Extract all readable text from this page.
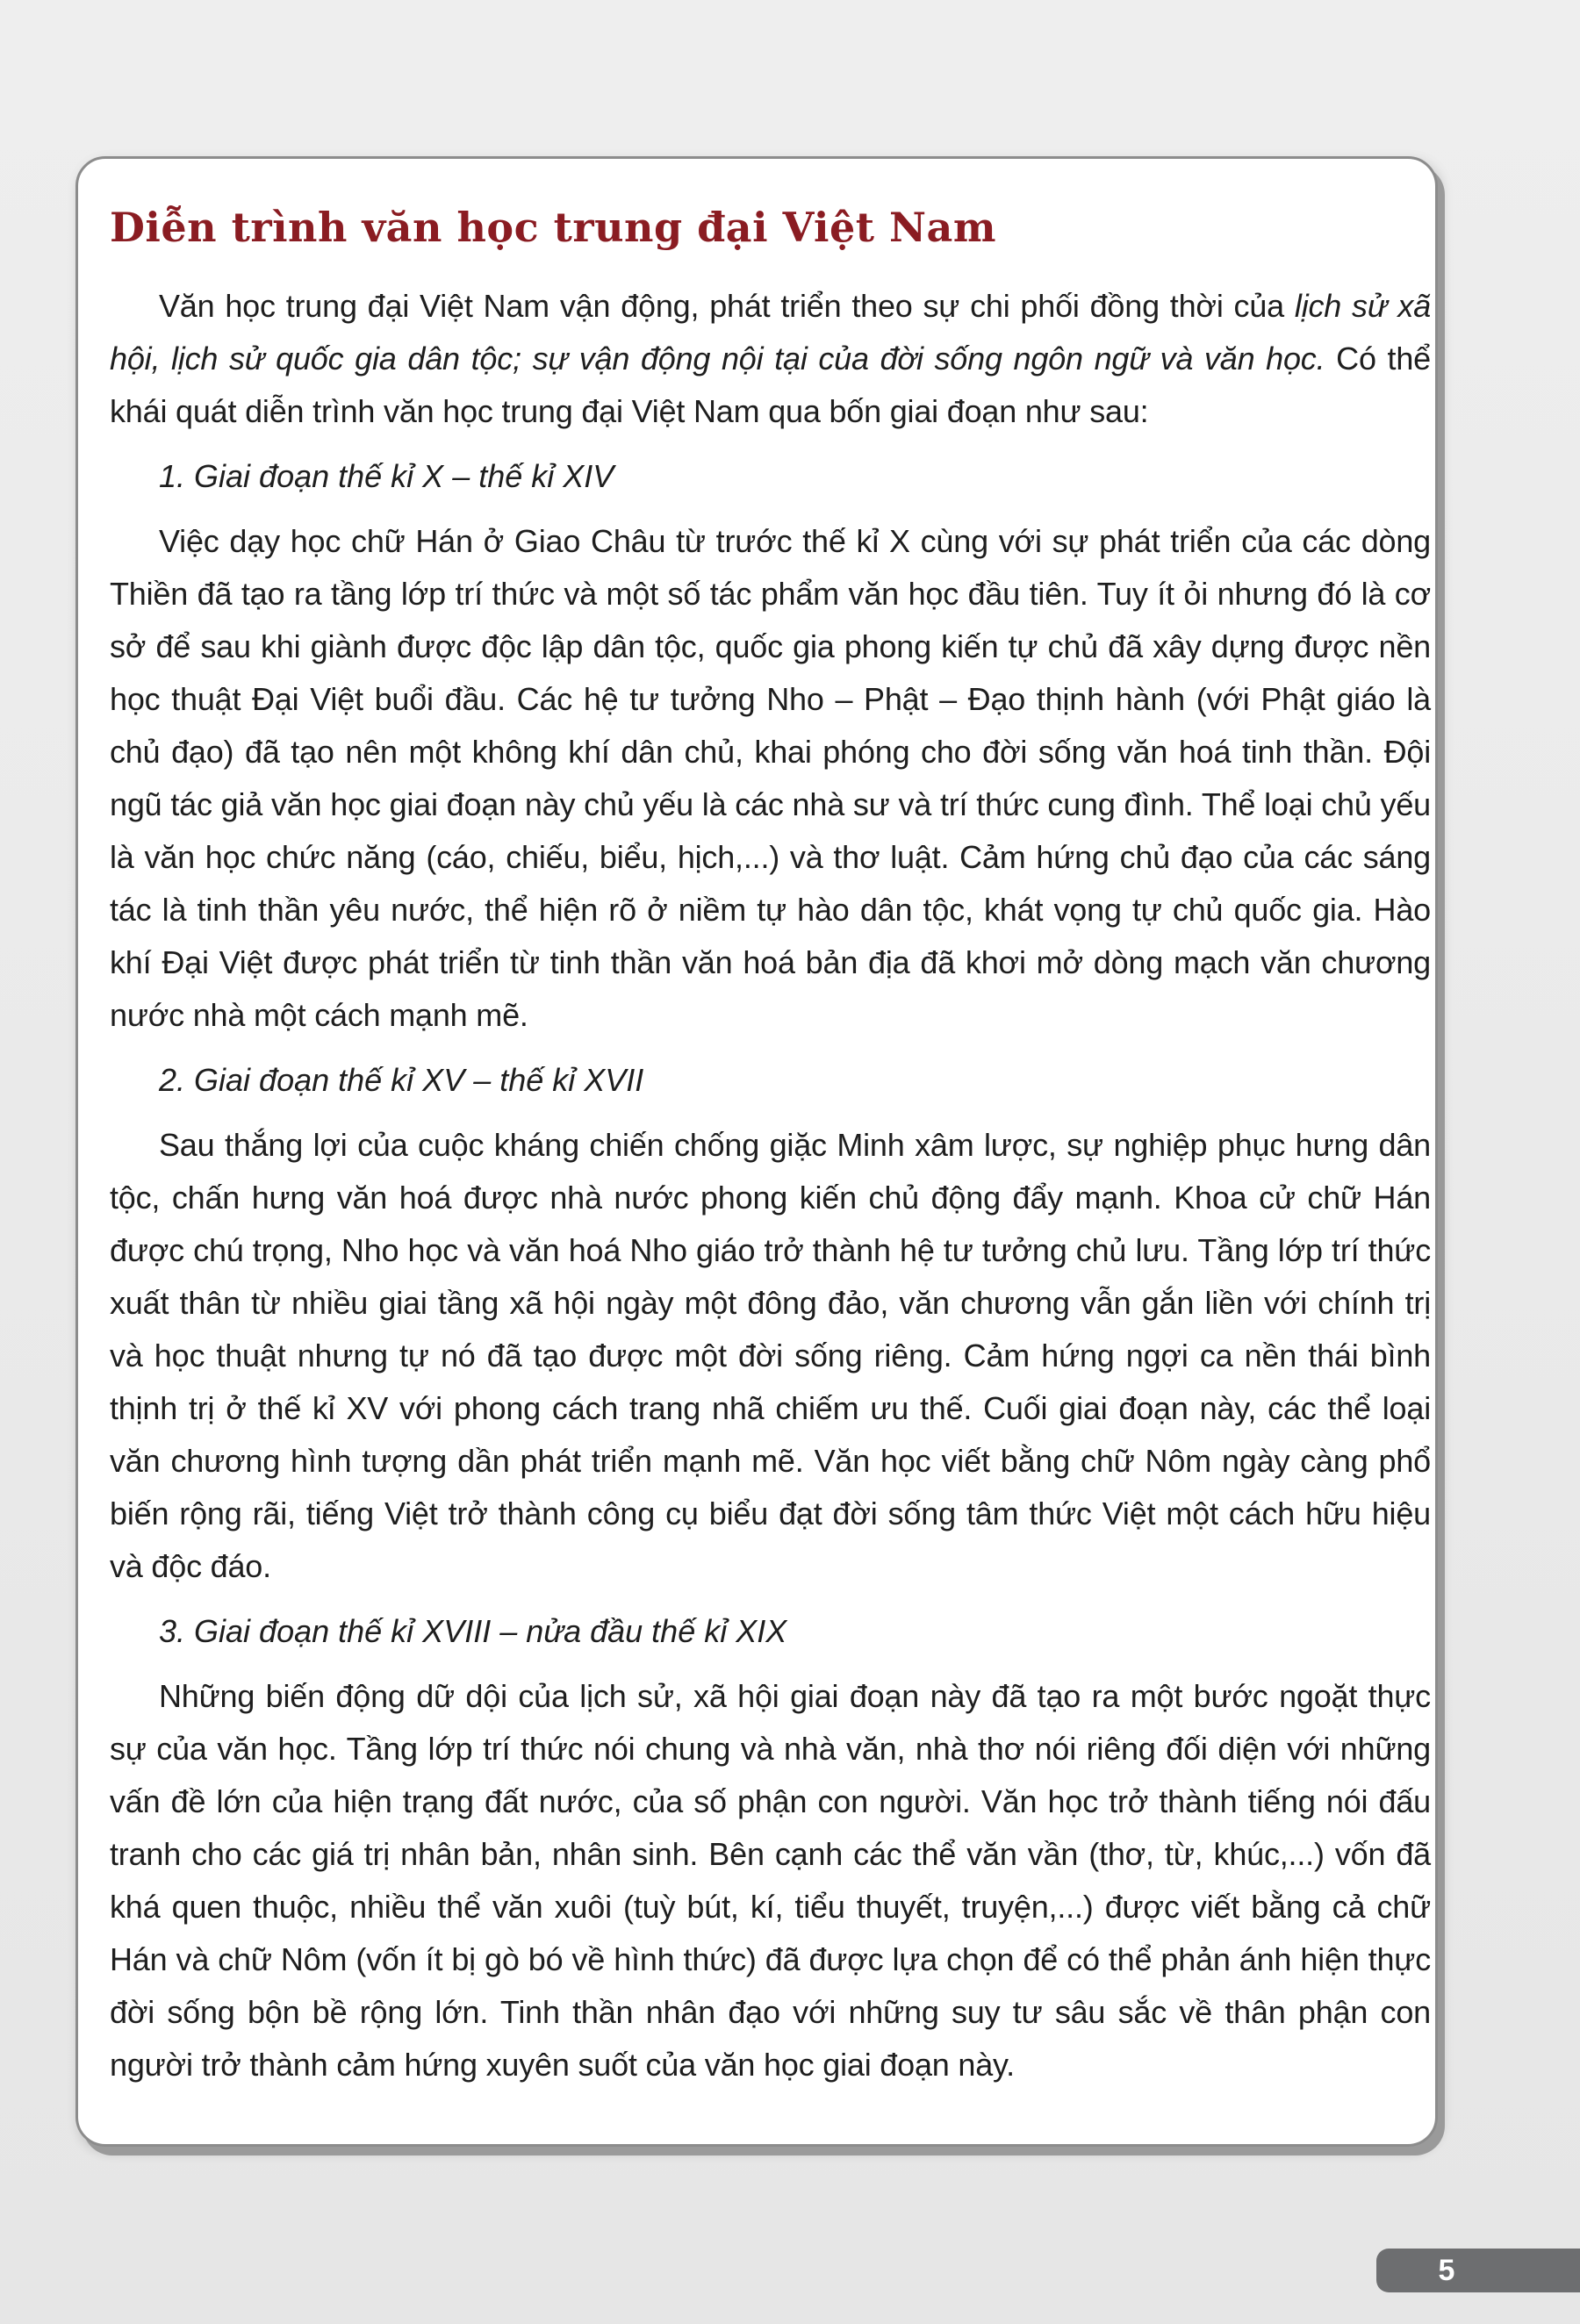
Diễn trình văn học trung đại Việt Nam

Văn học trung đại Việt Nam vận động, phát triển theo sự chi phối đồng thời của lịch sử xã hội, lịch sử quốc gia dân tộc; sự vận động nội tại của đời sống ngôn ngữ và văn học. Có thể khái quát diễn trình văn học trung đại Việt Nam qua bốn giai đoạn như sau:

1. Giai đoạn thế kỉ X – thế kỉ XIV

Việc dạy học chữ Hán ở Giao Châu từ trước thế kỉ X cùng với sự phát triển của các dòng Thiền đã tạo ra tầng lớp trí thức và một số tác phẩm văn học đầu tiên. Tuy ít ỏi nhưng đó là cơ sở để sau khi giành được độc lập dân tộc, quốc gia phong kiến tự chủ đã xây dựng được nền học thuật Đại Việt buổi đầu. Các hệ tư tưởng Nho – Phật – Đạo thịnh hành (với Phật giáo là chủ đạo) đã tạo nên một không khí dân chủ, khai phóng cho đời sống văn hoá tinh thần. Đội ngũ tác giả văn học giai đoạn này chủ yếu là các nhà sư và trí thức cung đình. Thể loại chủ yếu là văn học chức năng (cáo, chiếu, biểu, hịch,...) và thơ luật. Cảm hứng chủ đạo của các sáng tác là tinh thần yêu nước, thể hiện rõ ở niềm tự hào dân tộc, khát vọng tự chủ quốc gia. Hào khí Đại Việt được phát triển từ tinh thần văn hoá bản địa đã khơi mở dòng mạch văn chương nước nhà một cách mạnh mẽ.

2. Giai đoạn thế kỉ XV – thế kỉ XVII

Sau thắng lợi của cuộc kháng chiến chống giặc Minh xâm lược, sự nghiệp phục hưng dân tộc, chấn hưng văn hoá được nhà nước phong kiến chủ động đẩy mạnh. Khoa cử chữ Hán được chú trọng, Nho học và văn hoá Nho giáo trở thành hệ tư tưởng chủ lưu. Tầng lớp trí thức xuất thân từ nhiều giai tầng xã hội ngày một đông đảo, văn chương vẫn gắn liền với chính trị và học thuật nhưng tự nó đã tạo được một đời sống riêng. Cảm hứng ngợi ca nền thái bình thịnh trị ở thế kỉ XV với phong cách trang nhã chiếm ưu thế. Cuối giai đoạn này, các thể loại văn chương hình tượng dần phát triển mạnh mẽ. Văn học viết bằng chữ Nôm ngày càng phổ biến rộng rãi, tiếng Việt trở thành công cụ biểu đạt đời sống tâm thức Việt một cách hữu hiệu và độc đáo.

3. Giai đoạn thế kỉ XVIII – nửa đầu thế kỉ XIX

Những biến động dữ dội của lịch sử, xã hội giai đoạn này đã tạo ra một bước ngoặt thực sự của văn học. Tầng lớp trí thức nói chung và nhà văn, nhà thơ nói riêng đối diện với những vấn đề lớn của hiện trạng đất nước, của số phận con người. Văn học trở thành tiếng nói đấu tranh cho các giá trị nhân bản, nhân sinh. Bên cạnh các thể văn vần (thơ, từ, khúc,...) vốn đã khá quen thuộc, nhiều thể văn xuôi (tuỳ bút, kí, tiểu thuyết, truyện,...) được viết bằng cả chữ Hán và chữ Nôm (vốn ít bị gò bó về hình thức) đã được lựa chọn để có thể phản ánh hiện thực đời sống bộn bề rộng lớn. Tinh thần nhân đạo với những suy tư sâu sắc về thân phận con người trở thành cảm hứng xuyên suốt của văn học giai đoạn này.

5
